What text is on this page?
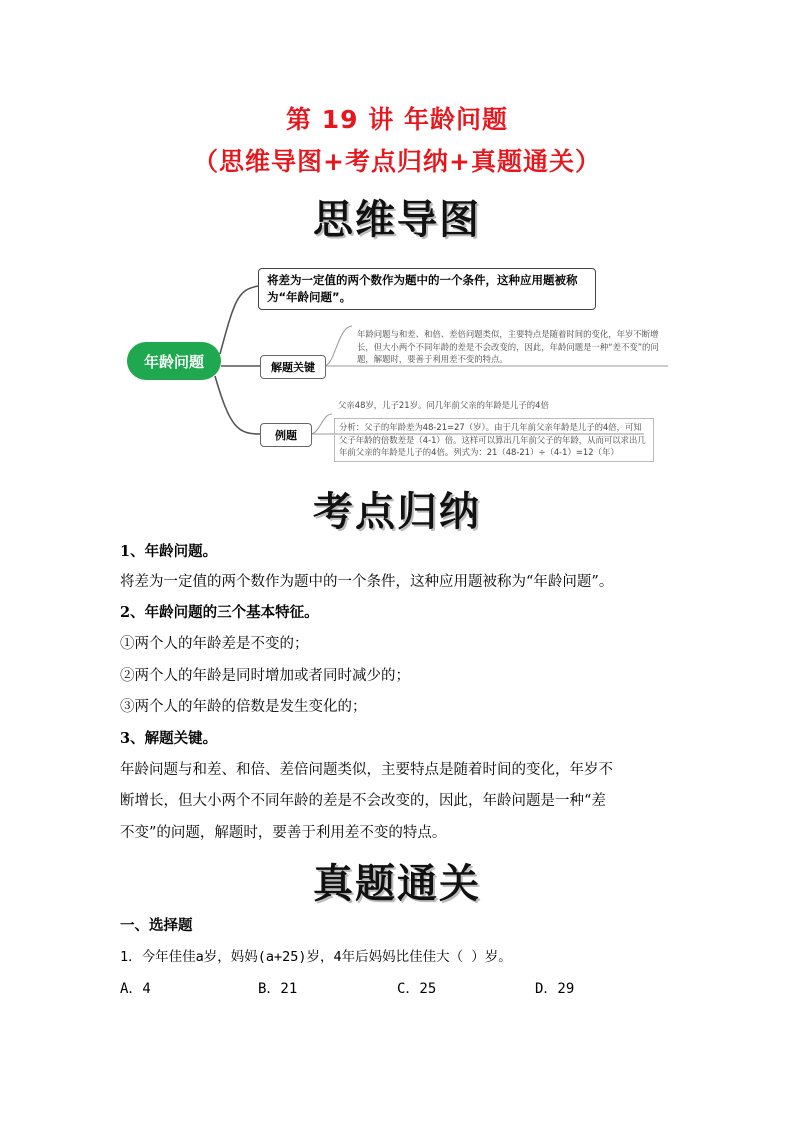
第 19 讲 年龄问题
（思维导图+考点归纳+真题通关）
思维导图
年龄问题
将差为一定值的两个数作为题中的一个条件，这种应用题被称为“年龄问题”。
解题关键
例题
年龄问题与和差、和倍、差倍问题类似，主要特点是随着时间的变化，年岁不断增长，但大小两个不同年龄的差是不会改变的，因此，年龄问题是一种“差不变”的问题，解题时，要善于利用差不变的特点。
父亲48岁，儿子21岁。问几年前父亲的年龄是儿子的4倍
分析：父子的年龄差为48-21=27（岁）。由于几年前父亲年龄是儿子的4倍，可知父子年龄的倍数差是（4-1）倍。这样可以算出几年前父子的年龄，从而可以求出几年前父亲的年龄是儿子的4倍。列式为：21（48-21）÷（4-1）=12（年）
考点归纳
1、年龄问题。
将差为一定值的两个数作为题中的一个条件，这种应用题被称为“年龄问题”。
2、年龄问题的三个基本特征。
①两个人的年龄差是不变的；
②两个人的年龄是同时增加或者同时减少的；
③两个人的年龄的倍数是发生变化的；
3、解题关键。
年龄问题与和差、和倍、差倍问题类似，主要特点是随着时间的变化，年岁不
断增长，但大小两个不同年龄的差是不会改变的，因此，年龄问题是一种“差
不变”的问题，解题时，要善于利用差不变的特点。
真题通关
一、选择题
1．今年佳佳a岁，妈妈(a+25)岁，4年后妈妈比佳佳大（ ）岁。
A．4	B．21	C．25	D．29
